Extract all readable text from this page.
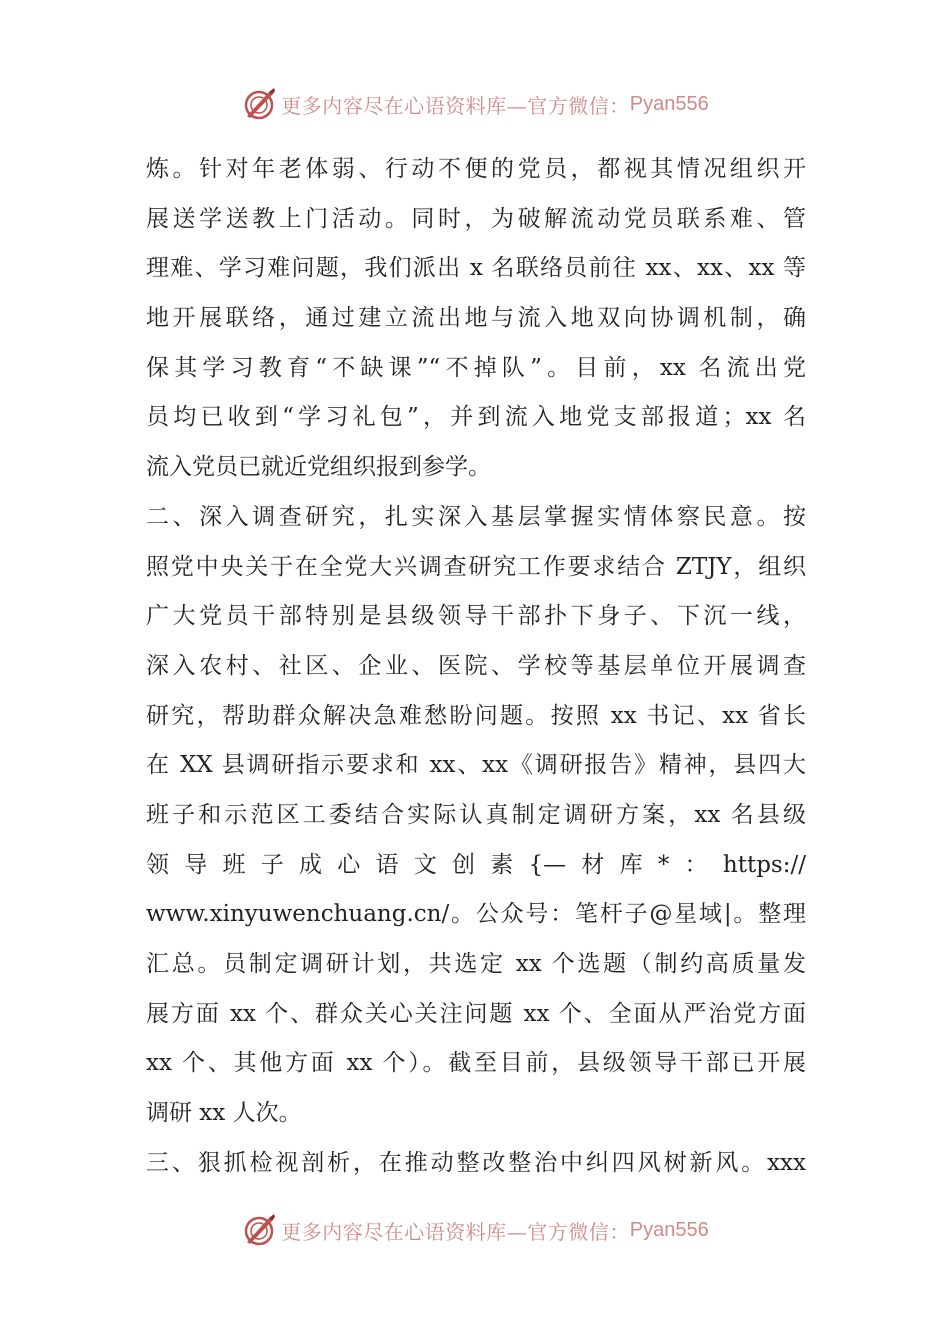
更多内容尽在心语资料库—官方微信： Pyan556
炼。针对年老体弱、行动不便的党员，都视其情况组织开
展送学送教上门活动。同时，为破解流动党员联系难、管
理难、学习难问题，我们派出 x 名联络员前往 xx、xx、xx 等
地开展联络，通过建立流出地与流入地双向协调机制，确
保其学习教育“不缺课”“不掉队”。目前，xx 名流出党
员均已收到“学习礼包”，并到流入地党支部报道；xx 名
流入党员已就近党组织报到参学。
二、深入调查研究，扎实深入基层掌握实情体察民意。按
照党中央关于在全党大兴调查研究工作要求结合 ZTJY，组织
广大党员干部特别是县级领导干部扑下身子、下沉一线，
深入农村、社区、企业、医院、学校等基层单位开展调查
研究，帮助群众解决急难愁盼问题。按照 xx 书记、xx 省长
在 XX 县调研指示要求和 xx、xx《调研报告》精神，县四大
班子和示范区工委结合实际认真制定调研方案，xx 名县级
领导班子成心语文创素{—材库*：https://
www.xinyuwenchuang.cn/。公众号：笔杆子@星域|。整理
汇总。员制定调研计划，共选定 xx 个选题（制约高质量发
展方面 xx 个、群众关心关注问题 xx 个、全面从严治党方面
xx 个、其他方面 xx 个）。截至目前，县级领导干部已开展
调研 xx 人次。
三、狠抓检视剖析，在推动整改整治中纠四风树新风。xxx
更多内容尽在心语资料库—官方微信： Pyan556
